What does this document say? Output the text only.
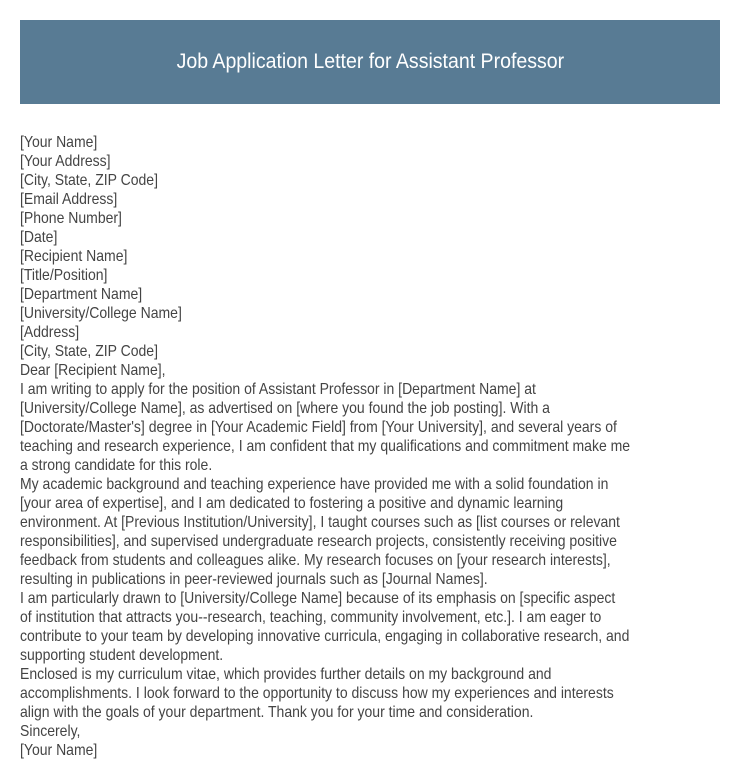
Job Application Letter for Assistant Professor
[Your Name]
[Your Address]
[City, State, ZIP Code]
[Email Address]
[Phone Number]
[Date]
[Recipient Name]
[Title/Position]
[Department Name]
[University/College Name]
[Address]
[City, State, ZIP Code]
Dear [Recipient Name],
I am writing to apply for the position of Assistant Professor in [Department Name] at
[University/College Name], as advertised on [where you found the job posting]. With a
[Doctorate/Master's] degree in [Your Academic Field] from [Your University], and several years of
teaching and research experience, I am confident that my qualifications and commitment make me
a strong candidate for this role.
My academic background and teaching experience have provided me with a solid foundation in
[your area of expertise], and I am dedicated to fostering a positive and dynamic learning
environment. At [Previous Institution/University], I taught courses such as [list courses or relevant
responsibilities], and supervised undergraduate research projects, consistently receiving positive
feedback from students and colleagues alike. My research focuses on [your research interests],
resulting in publications in peer-reviewed journals such as [Journal Names].
I am particularly drawn to [University/College Name] because of its emphasis on [specific aspect
of institution that attracts you--research, teaching, community involvement, etc.]. I am eager to
contribute to your team by developing innovative curricula, engaging in collaborative research, and
supporting student development.
Enclosed is my curriculum vitae, which provides further details on my background and
accomplishments. I look forward to the opportunity to discuss how my experiences and interests
align with the goals of your department. Thank you for your time and consideration.
Sincerely,
[Your Name]
